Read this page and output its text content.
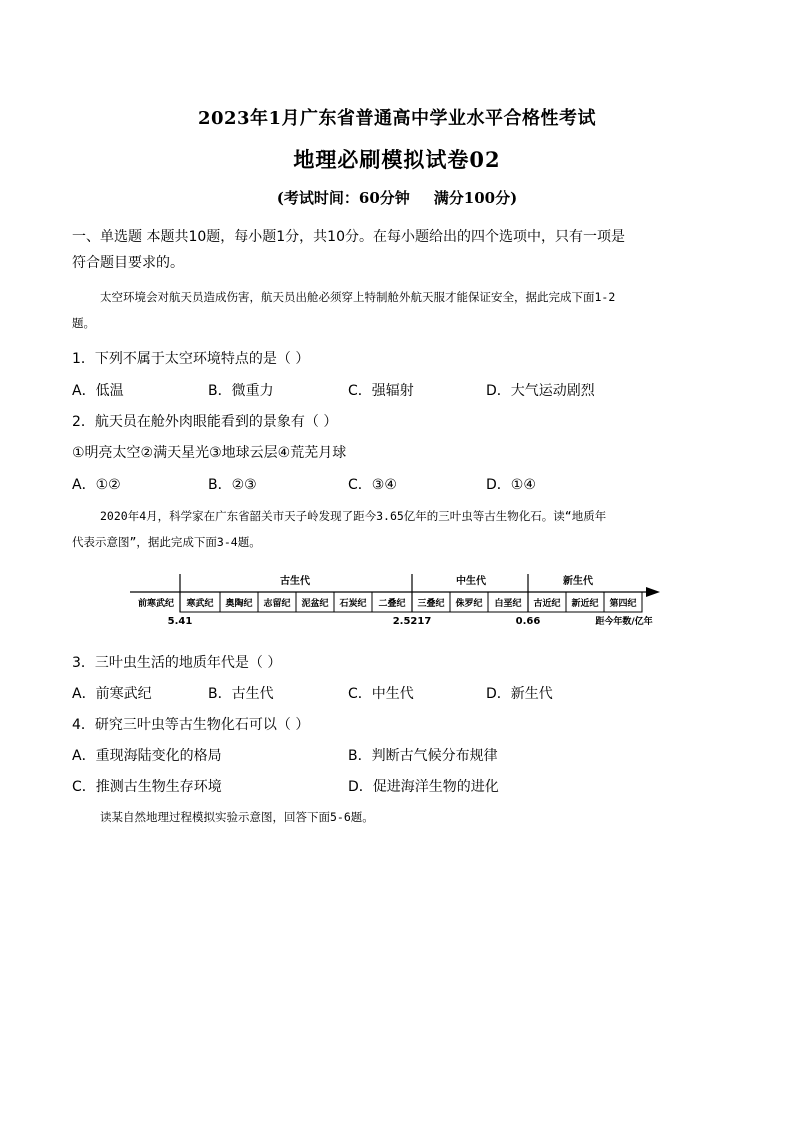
2023年1月广东省普通高中学业水平合格性考试
地理必刷模拟试卷02
(考试时间：60分钟 满分100分)
一、单选题 本题共10题，每小题1分，共10分。在每小题给出的四个选项中，只有一项是
符合题目要求的。
太空环境会对航天员造成伤害，航天员出舱必须穿上特制舱外航天服才能保证安全，据此完成下面1-2
题。
1．下列不属于太空环境特点的是（ ）
A．低温	B．微重力	C．强辐射	D．大气运动剧烈
2．航天员在舱外肉眼能看到的景象有（ ）
①明亮太空②满天星光③地球云层④荒芜月球
A．①②	B．②③	C．③④	D．①④
2020年4月，科学家在广东省韶关市天子岭发现了距今3.65亿年的三叶虫等古生物化石。读“地质年
代表示意图”，据此完成下面3-4题。
古生代	中生代	新生代
前寒武纪 寒武纪 奥陶纪 志留纪 泥盆纪 石炭纪 二叠纪 三叠纪 侏罗纪 白垩纪 古近纪 新近纪 第四纪
5.41	2.5217	0.66	距今年数/亿年
3．三叶虫生活的地质年代是（ ）
A．前寒武纪	B．古生代	C．中生代	D．新生代
4．研究三叶虫等古生物化石可以（ ）
A．重现海陆变化的格局	B．判断古气候分布规律
C．推测古生物生存环境	D．促进海洋生物的进化
读某自然地理过程模拟实验示意图，回答下面5-6题。
